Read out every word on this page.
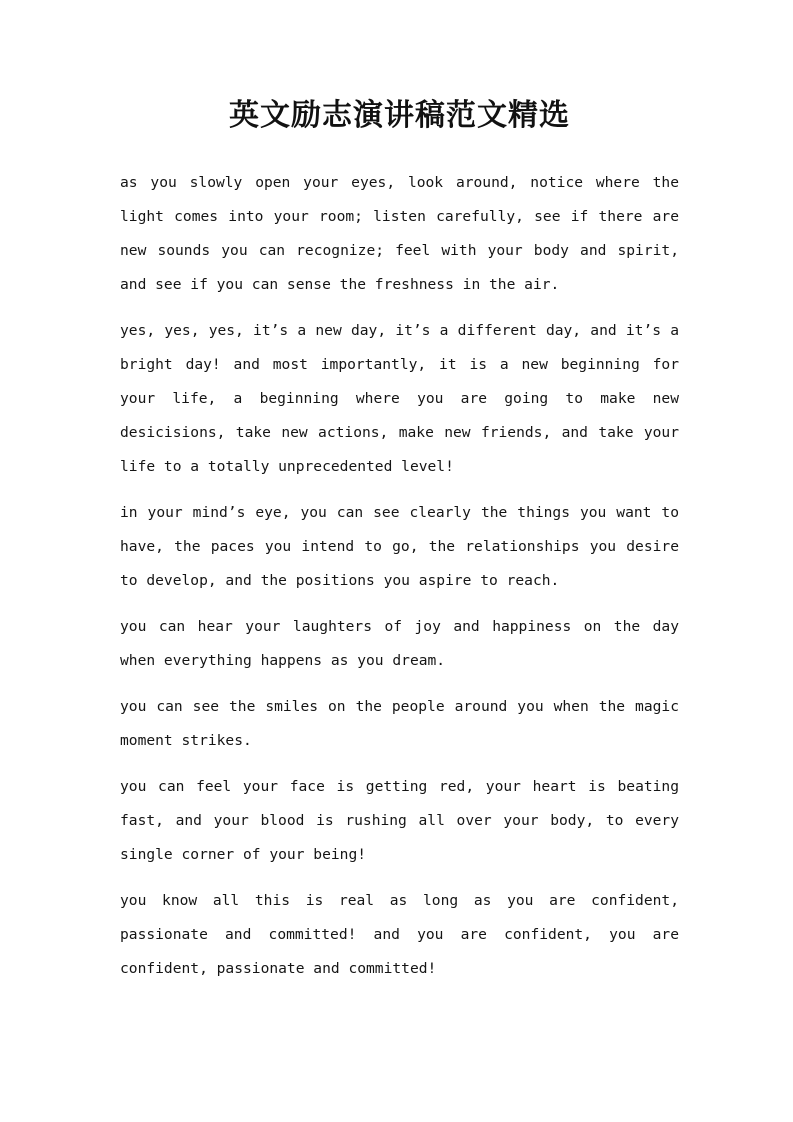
英文励志演讲稿范文精选

as you slowly open your eyes, look around, notice where the light comes into your room; listen carefully, see if there are new sounds you can recognize; feel with your body and spirit, and see if you can sense the freshness in the air.

yes, yes, yes, it’s a new day, it’s a different day, and it’s a bright day! and most importantly, it is a new beginning for your life, a beginning where you are going to make new desicisions, take new actions, make new friends, and take your life to a totally unprecedented level!

in your mind’s eye, you can see clearly the things you want to have, the paces you intend to go, the relationships you desire to develop, and the positions you aspire to reach.

you can hear your laughters of joy and happiness on the day when everything happens as you dream.

you can see the smiles on the people around you when the magic moment strikes.

you can feel your face is getting red, your heart is beating fast, and your blood is rushing all over your body, to every single corner of your being!

you know all this is real as long as you are confident, passionate and committed! and you are confident, you are confident, passionate and committed!
